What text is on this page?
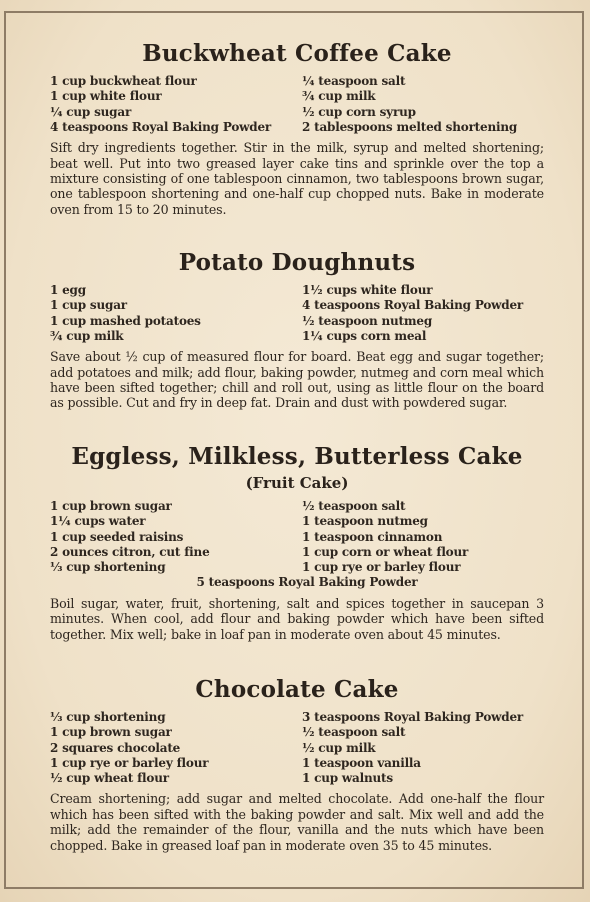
Buckwheat Coffee Cake
1 cup buckwheat flour
1 cup white flour
¼ cup sugar
4 teaspoons Royal Baking Powder
¼ teaspoon salt
¾ cup milk
½ cup corn syrup
2 tablespoons melted shortening

Sift dry ingredients together. Stir in the milk, syrup and melted shortening; beat well. Put into two greased layer cake tins and sprinkle over the top a mixture consisting of one tablespoon cinnamon, two tablespoons brown sugar, one tablespoon shortening and one-half cup chopped nuts. Bake in moderate oven from 15 to 20 minutes.

Potato Doughnuts
1 egg
1 cup sugar
1 cup mashed potatoes
¾ cup milk
1½ cups white flour
4 teaspoons Royal Baking Powder
½ teaspoon nutmeg
1¼ cups corn meal

Save about ½ cup of measured flour for board. Beat egg and sugar together; add potatoes and milk; add flour, baking powder, nutmeg and corn meal which have been sifted together; chill and roll out, using as little flour on the board as possible. Cut and fry in deep fat. Drain and dust with powdered sugar.

Eggless, Milkless, Butterless Cake
(Fruit Cake)
1 cup brown sugar
1¼ cups water
1 cup seeded raisins
2 ounces citron, cut fine
⅓ cup shortening
½ teaspoon salt
1 teaspoon nutmeg
1 teaspoon cinnamon
1 cup corn or wheat flour
1 cup rye or barley flour
5 teaspoons Royal Baking Powder

Boil sugar, water, fruit, shortening, salt and spices together in saucepan 3 minutes. When cool, add flour and baking powder which have been sifted together. Mix well; bake in loaf pan in moderate oven about 45 minutes.

Chocolate Cake
⅓ cup shortening
1 cup brown sugar
2 squares chocolate
1 cup rye or barley flour
½ cup wheat flour
3 teaspoons Royal Baking Powder
½ teaspoon salt
½ cup milk
1 teaspoon vanilla
1 cup walnuts

Cream shortening; add sugar and melted chocolate. Add one-half the flour which has been sifted with the baking powder and salt. Mix well and add the milk; add the remainder of the flour, vanilla and the nuts which have been chopped. Bake in greased loaf pan in moderate oven 35 to 45 minutes.
